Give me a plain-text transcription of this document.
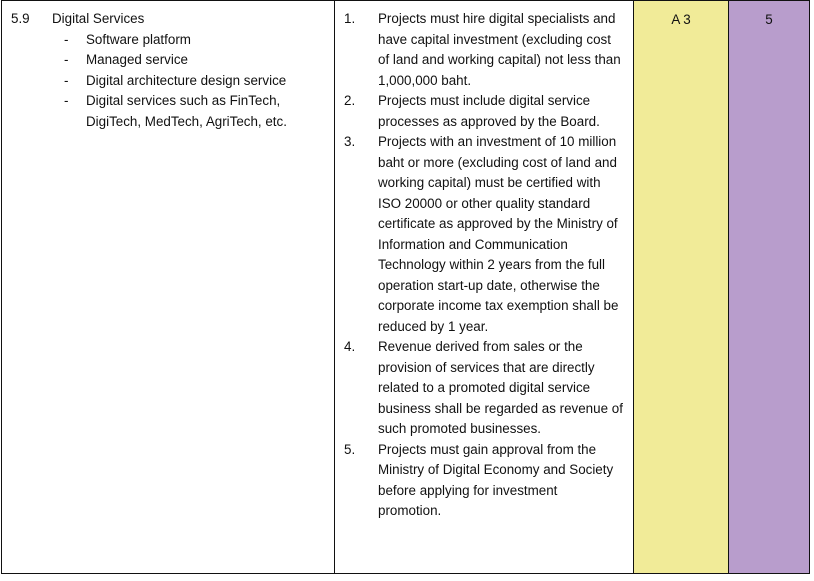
5.9 Digital Services
- Software platform
- Managed service
- Digital architecture design service
- Digital services such as FinTech, DigiTech, MedTech, AgriTech, etc.

1. Projects must hire digital specialists and have capital investment (excluding cost of land and working capital) not less than 1,000,000 baht.
2. Projects must include digital service processes as approved by the Board.
3. Projects with an investment of 10 million baht or more (excluding cost of land and working capital) must be certified with ISO 20000 or other quality standard certificate as approved by the Ministry of Information and Communication Technology within 2 years from the full operation start-up date, otherwise the corporate income tax exemption shall be reduced by 1 year.
4. Revenue derived from sales or the provision of services that are directly related to a promoted digital service business shall be regarded as revenue of such promoted businesses.
5. Projects must gain approval from the Ministry of Digital Economy and Society before applying for investment promotion.

A 3	5
